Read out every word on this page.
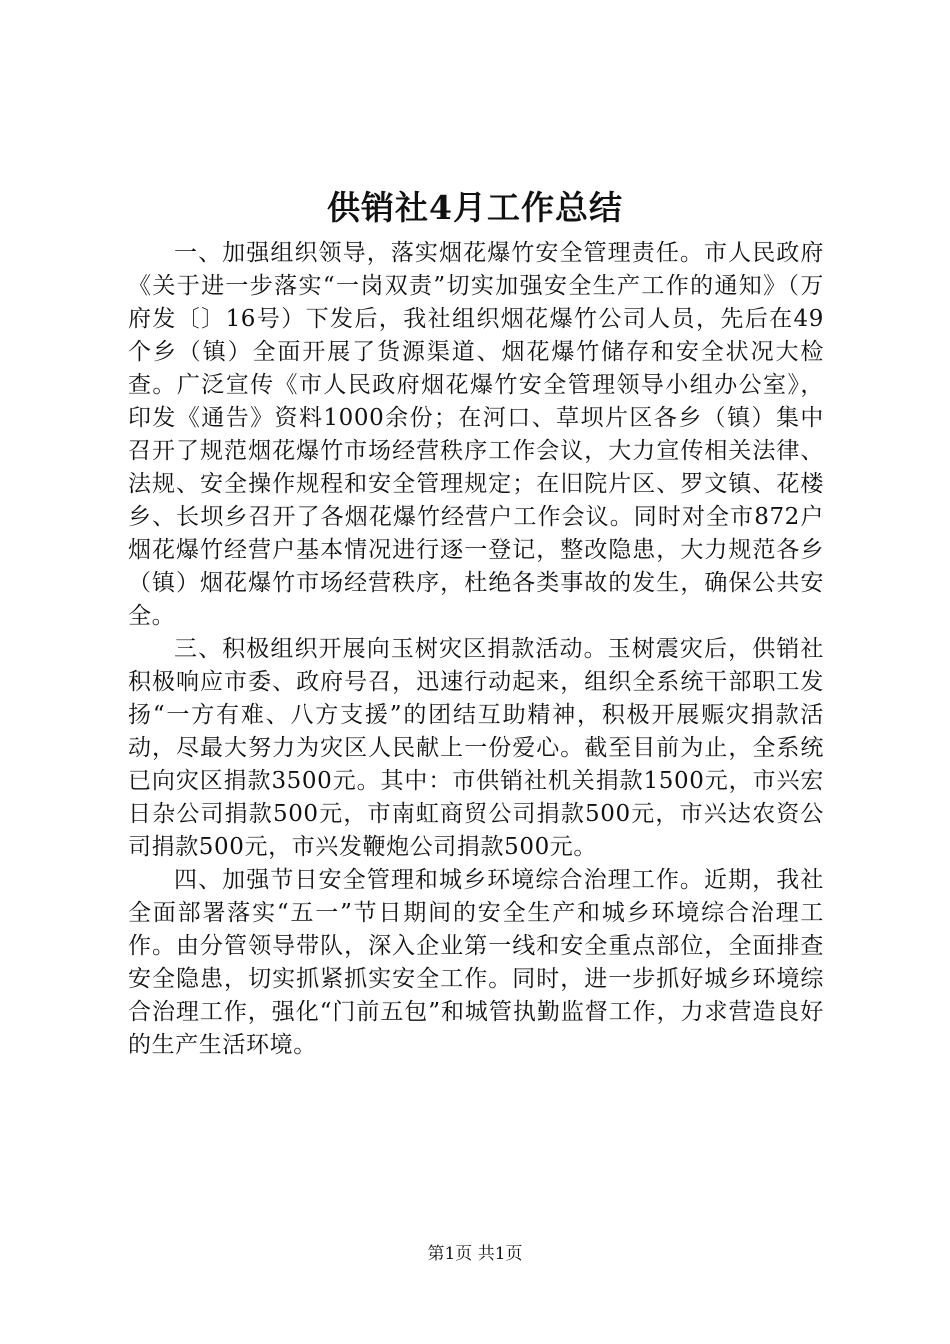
供销社4月工作总结

一、加强组织领导，落实烟花爆竹安全管理责任。市人民政府《关于进一步落实“一岗双责”切实加强安全生产工作的通知》（万府发〔〕16号）下发后，我社组织烟花爆竹公司人员，先后在49个乡（镇）全面开展了货源渠道、烟花爆竹储存和安全状况大检查。广泛宣传《市人民政府烟花爆竹安全管理领导小组办公室》，印发《通告》资料1000余份；在河口、草坝片区各乡（镇）集中召开了规范烟花爆竹市场经营秩序工作会议，大力宣传相关法律、法规、安全操作规程和安全管理规定；在旧院片区、罗文镇、花楼乡、长坝乡召开了各烟花爆竹经营户工作会议。同时对全市872户烟花爆竹经营户基本情况进行逐一登记，整改隐患，大力规范各乡（镇）烟花爆竹市场经营秩序，杜绝各类事故的发生，确保公共安全。

三、积极组织开展向玉树灾区捐款活动。玉树震灾后，供销社积极响应市委、政府号召，迅速行动起来，组织全系统干部职工发扬“一方有难、八方支援”的团结互助精神，积极开展赈灾捐款活动，尽最大努力为灾区人民献上一份爱心。截至目前为止，全系统已向灾区捐款3500元。其中：市供销社机关捐款1500元，市兴宏日杂公司捐款500元，市南虹商贸公司捐款500元，市兴达农资公司捐款500元，市兴发鞭炮公司捐款500元。

四、加强节日安全管理和城乡环境综合治理工作。近期，我社全面部署落实“五一”节日期间的安全生产和城乡环境综合治理工作。由分管领导带队，深入企业第一线和安全重点部位，全面排查安全隐患，切实抓紧抓实安全工作。同时，进一步抓好城乡环境综合治理工作，强化“门前五包”和城管执勤监督工作，力求营造良好的生产生活环境。

第1页 共1页
